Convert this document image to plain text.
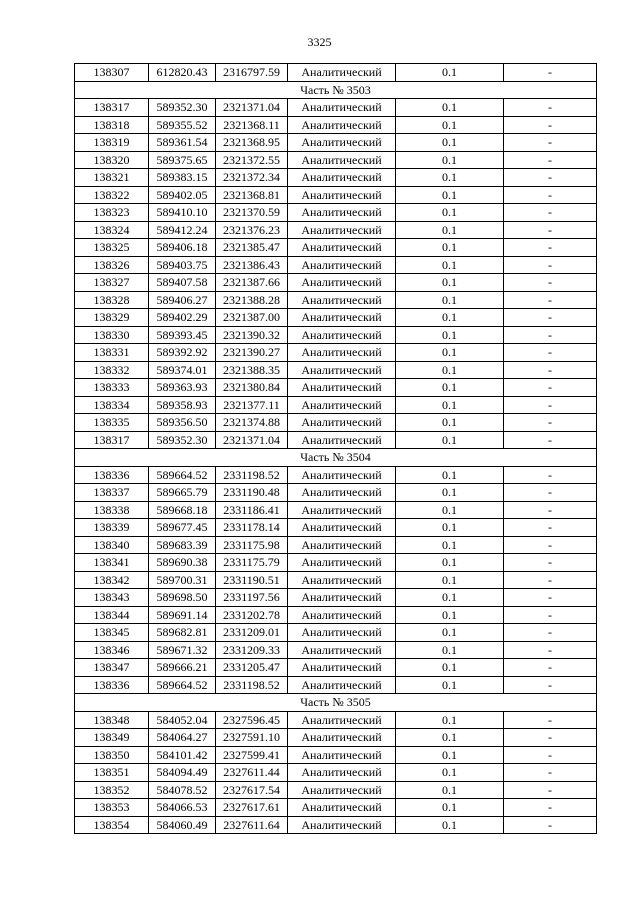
3325
138307	612820.43	2316797.59	Аналитический	0.1	-
Часть № 3503					
138317	589352.30	2321371.04	Аналитический	0.1	-
138318	589355.52	2321368.11	Аналитический	0.1	-
138319	589361.54	2321368.95	Аналитический	0.1	-
138320	589375.65	2321372.55	Аналитический	0.1	-
138321	589383.15	2321372.34	Аналитический	0.1	-
138322	589402.05	2321368.81	Аналитический	0.1	-
138323	589410.10	2321370.59	Аналитический	0.1	-
138324	589412.24	2321376.23	Аналитический	0.1	-
138325	589406.18	2321385.47	Аналитический	0.1	-
138326	589403.75	2321386.43	Аналитический	0.1	-
138327	589407.58	2321387.66	Аналитический	0.1	-
138328	589406.27	2321388.28	Аналитический	0.1	-
138329	589402.29	2321387.00	Аналитический	0.1	-
138330	589393.45	2321390.32	Аналитический	0.1	-
138331	589392.92	2321390.27	Аналитический	0.1	-
138332	589374.01	2321388.35	Аналитический	0.1	-
138333	589363.93	2321380.84	Аналитический	0.1	-
138334	589358.93	2321377.11	Аналитический	0.1	-
138335	589356.50	2321374.88	Аналитический	0.1	-
138317	589352.30	2321371.04	Аналитический	0.1	-
Часть № 3504					
138336	589664.52	2331198.52	Аналитический	0.1	-
138337	589665.79	2331190.48	Аналитический	0.1	-
138338	589668.18	2331186.41	Аналитический	0.1	-
138339	589677.45	2331178.14	Аналитический	0.1	-
138340	589683.39	2331175.98	Аналитический	0.1	-
138341	589690.38	2331175.79	Аналитический	0.1	-
138342	589700.31	2331190.51	Аналитический	0.1	-
138343	589698.50	2331197.56	Аналитический	0.1	-
138344	589691.14	2331202.78	Аналитический	0.1	-
138345	589682.81	2331209.01	Аналитический	0.1	-
138346	589671.32	2331209.33	Аналитический	0.1	-
138347	589666.21	2331205.47	Аналитический	0.1	-
138336	589664.52	2331198.52	Аналитический	0.1	-
Часть № 3505					
138348	584052.04	2327596.45	Аналитический	0.1	-
138349	584064.27	2327591.10	Аналитический	0.1	-
138350	584101.42	2327599.41	Аналитический	0.1	-
138351	584094.49	2327611.44	Аналитический	0.1	-
138352	584078.52	2327617.54	Аналитический	0.1	-
138353	584066.53	2327617.61	Аналитический	0.1	-
138354	584060.49	2327611.64	Аналитический	0.1	-
